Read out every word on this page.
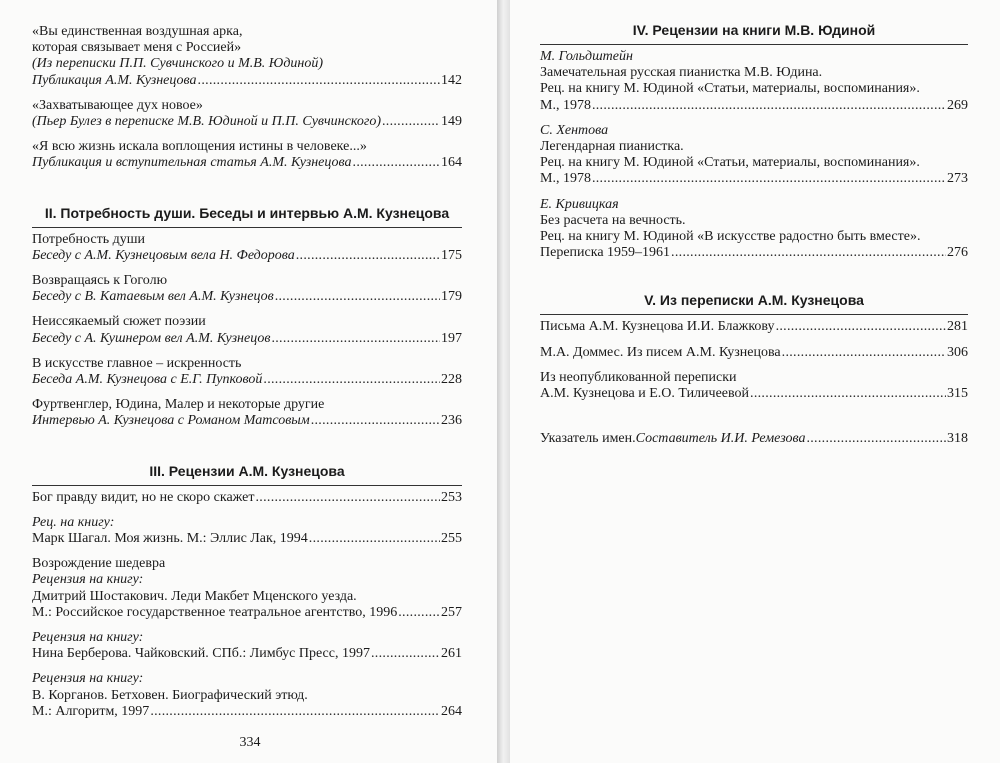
«Вы единственная воздушная арка,
которая связывает меня с Россией»
(Из переписки П.П. Сувчинского и М.В. Юдиной)
Публикация А.М. Кузнецова .....	142
«Захватывающее дух новое»
(Пьер Булез в переписке М.В. Юдиной и П.П. Сувчинского) .....	149
«Я всю жизнь искала воплощения истины в человеке...»
Публикация и вступительная статья А.М. Кузнецова .....	164
II. Потребность души. Беседы и интервью А.М. Кузнецова
Потребность души
Беседу с А.М. Кузнецовым вела Н. Федорова .....	175
Возвращаясь к Гоголю
Беседу с В. Катаевым вел А.М. Кузнецов .....	179
Неиссякаемый сюжет поэзии
Беседу с А. Кушнером вел А.М. Кузнецов .....	197
В искусстве главное – искренность
Беседа А.М. Кузнецова с Е.Г. Пупковой .....	228
Фуртвенглер, Юдина, Малер и некоторые другие
Интервью А. Кузнецова с Романом Матсовым .....	236
III. Рецензии А.М. Кузнецова
Бог правду видит, но не скоро скажет .....	253
Рец. на книгу:
Марк Шагал. Моя жизнь. М.: Эллис Лак, 1994 .....	255
Возрождение шедевра
Рецензия на книгу:
Дмитрий Шостакович. Леди Макбет Мценского уезда.
М.: Российское государственное театральное агентство, 1996 .....	257
Рецензия на книгу:
Нина Берберова. Чайковский. СПб.: Лимбус Пресс, 1997 .....	261
Рецензия на книгу:
В. Корганов. Бетховен. Биографический этюд.
М.: Алгоритм, 1997 .....	264
334
IV. Рецензии на книги М.В. Юдиной
М. Гольдштейн
Замечательная русская пианистка М.В. Юдина.
Рец. на книгу М. Юдиной «Статьи, материалы, воспоминания».
М., 1978 .....	269
С. Хентова
Легендарная пианистка.
Рец. на книгу М. Юдиной «Статьи, материалы, воспоминания».
М., 1978 .....	273
Е. Кривицкая
Без расчета на вечность.
Рец. на книгу М. Юдиной «В искусстве радостно быть вместе».
Переписка 1959–1961 .....	276
V. Из переписки А.М. Кузнецова
Письма А.М. Кузнецова И.И. Блажкову .....	281
М.А. Доммес. Из писем А.М. Кузнецова .....	306
Из неопубликованной переписки
А.М. Кузнецова и Е.О. Тиличеевой .....	315
Указатель имен. Составитель И.И. Ремезова .....	318
